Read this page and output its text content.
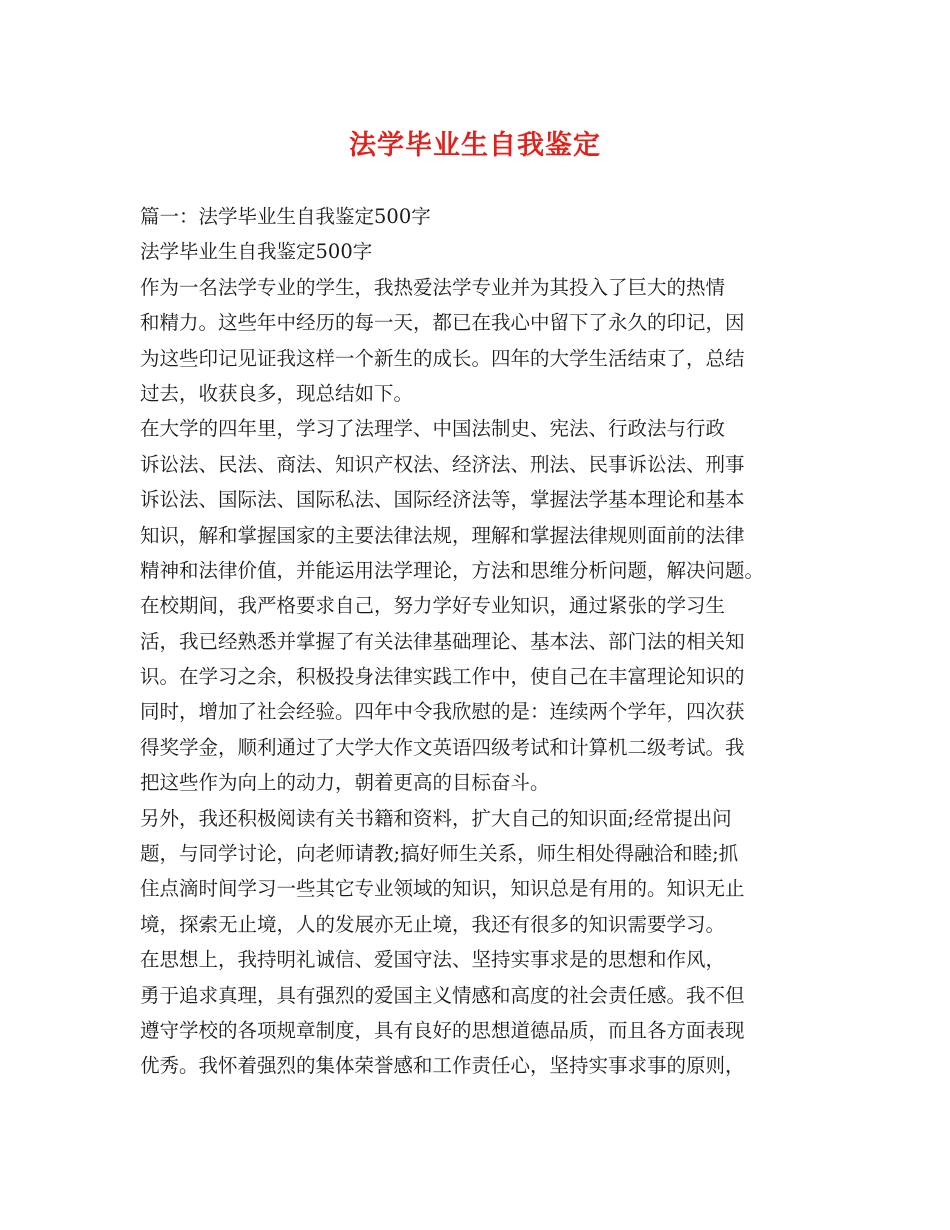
法学毕业生自我鉴定
篇一：法学毕业生自我鉴定500字
法学毕业生自我鉴定500字
作为一名法学专业的学生，我热爱法学专业并为其投入了巨大的热情
和精力。这些年中经历的每一天，都已在我心中留下了永久的印记，因
为这些印记见证我这样一个新生的成长。四年的大学生活结束了，总结
过去，收获良多，现总结如下。
在大学的四年里，学习了法理学、中国法制史、宪法、行政法与行政
诉讼法、民法、商法、知识产权法、经济法、刑法、民事诉讼法、刑事
诉讼法、国际法、国际私法、国际经济法等，掌握法学基本理论和基本
知识，解和掌握国家的主要法律法规，理解和掌握法律规则面前的法律
精神和法律价值，并能运用法学理论，方法和思维分析问题，解决问题。
在校期间，我严格要求自己，努力学好专业知识，通过紧张的学习生
活，我已经熟悉并掌握了有关法律基础理论、基本法、部门法的相关知
识。在学习之余，积极投身法律实践工作中，使自己在丰富理论知识的
同时，增加了社会经验。四年中令我欣慰的是：连续两个学年，四次获
得奖学金，顺利通过了大学大作文英语四级考试和计算机二级考试。我
把这些作为向上的动力，朝着更高的目标奋斗。
另外，我还积极阅读有关书籍和资料，扩大自己的知识面;经常提出问
题，与同学讨论，向老师请教;搞好师生关系，师生相处得融洽和睦;抓
住点滴时间学习一些其它专业领域的知识，知识总是有用的。知识无止
境，探索无止境，人的发展亦无止境，我还有很多的知识需要学习。
在思想上，我持明礼诚信、爱国守法、坚持实事求是的思想和作风，
勇于追求真理，具有强烈的爱国主义情感和高度的社会责任感。我不但
遵守学校的各项规章制度，具有良好的思想道德品质，而且各方面表现
优秀。我怀着强烈的集体荣誉感和工作责任心，坚持实事求事的原则，
